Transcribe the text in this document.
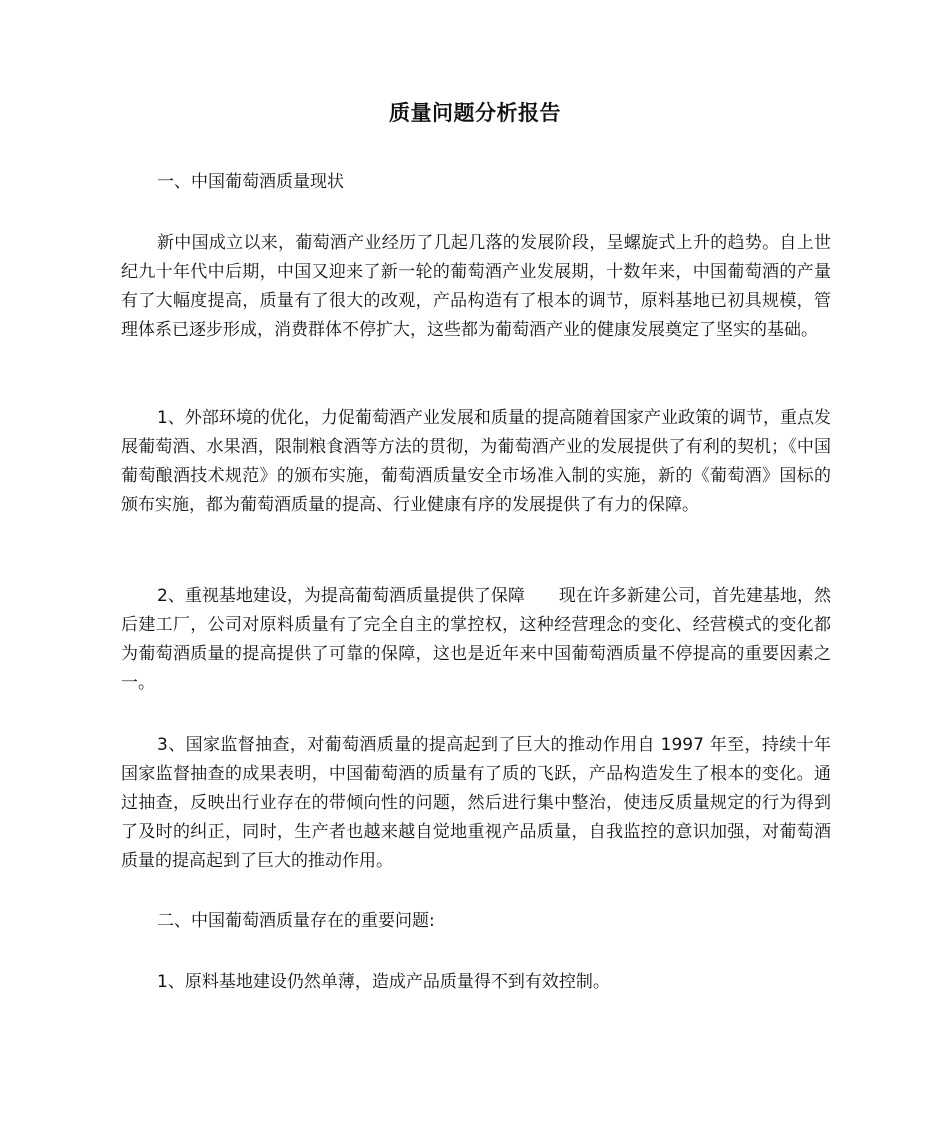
质量问题分析报告

一、中国葡萄酒质量现状

新中国成立以来，葡萄酒产业经历了几起几落的发展阶段，呈螺旋式上升的趋势。自上世纪九十年代中后期，中国又迎来了新一轮的葡萄酒产业发展期，十数年来，中国葡萄酒的产量有了大幅度提高，质量有了很大的改观，产品构造有了根本的调节，原料基地已初具规模，管理体系已逐步形成，消费群体不停扩大，这些都为葡萄酒产业的健康发展奠定了坚实的基础。

1、外部环境的优化，力促葡萄酒产业发展和质量的提高随着国家产业政策的调节，重点发展葡萄酒、水果酒，限制粮食酒等方法的贯彻，为葡萄酒产业的发展提供了有利的契机；《中国葡萄酿酒技术规范》的颁布实施，葡萄酒质量安全市场准入制的实施，新的《葡萄酒》国标的颁布实施，都为葡萄酒质量的提高、行业健康有序的发展提供了有力的保障。

2、重视基地建设，为提高葡萄酒质量提供了保障　　现在许多新建公司，首先建基地，然后建工厂，公司对原料质量有了完全自主的掌控权，这种经营理念的变化、经营模式的变化都为葡萄酒质量的提高提供了可靠的保障，这也是近年来中国葡萄酒质量不停提高的重要因素之一。

3、国家监督抽查，对葡萄酒质量的提高起到了巨大的推动作用自 1997 年至，持续十年国家监督抽查的成果表明，中国葡萄酒的质量有了质的飞跃，产品构造发生了根本的变化。通过抽查，反映出行业存在的带倾向性的问题，然后进行集中整治，使违反质量规定的行为得到了及时的纠正，同时，生产者也越来越自觉地重视产品质量，自我监控的意识加强，对葡萄酒质量的提高起到了巨大的推动作用。

二、中国葡萄酒质量存在的重要问题:

1、原料基地建设仍然单薄，造成产品质量得不到有效控制。
